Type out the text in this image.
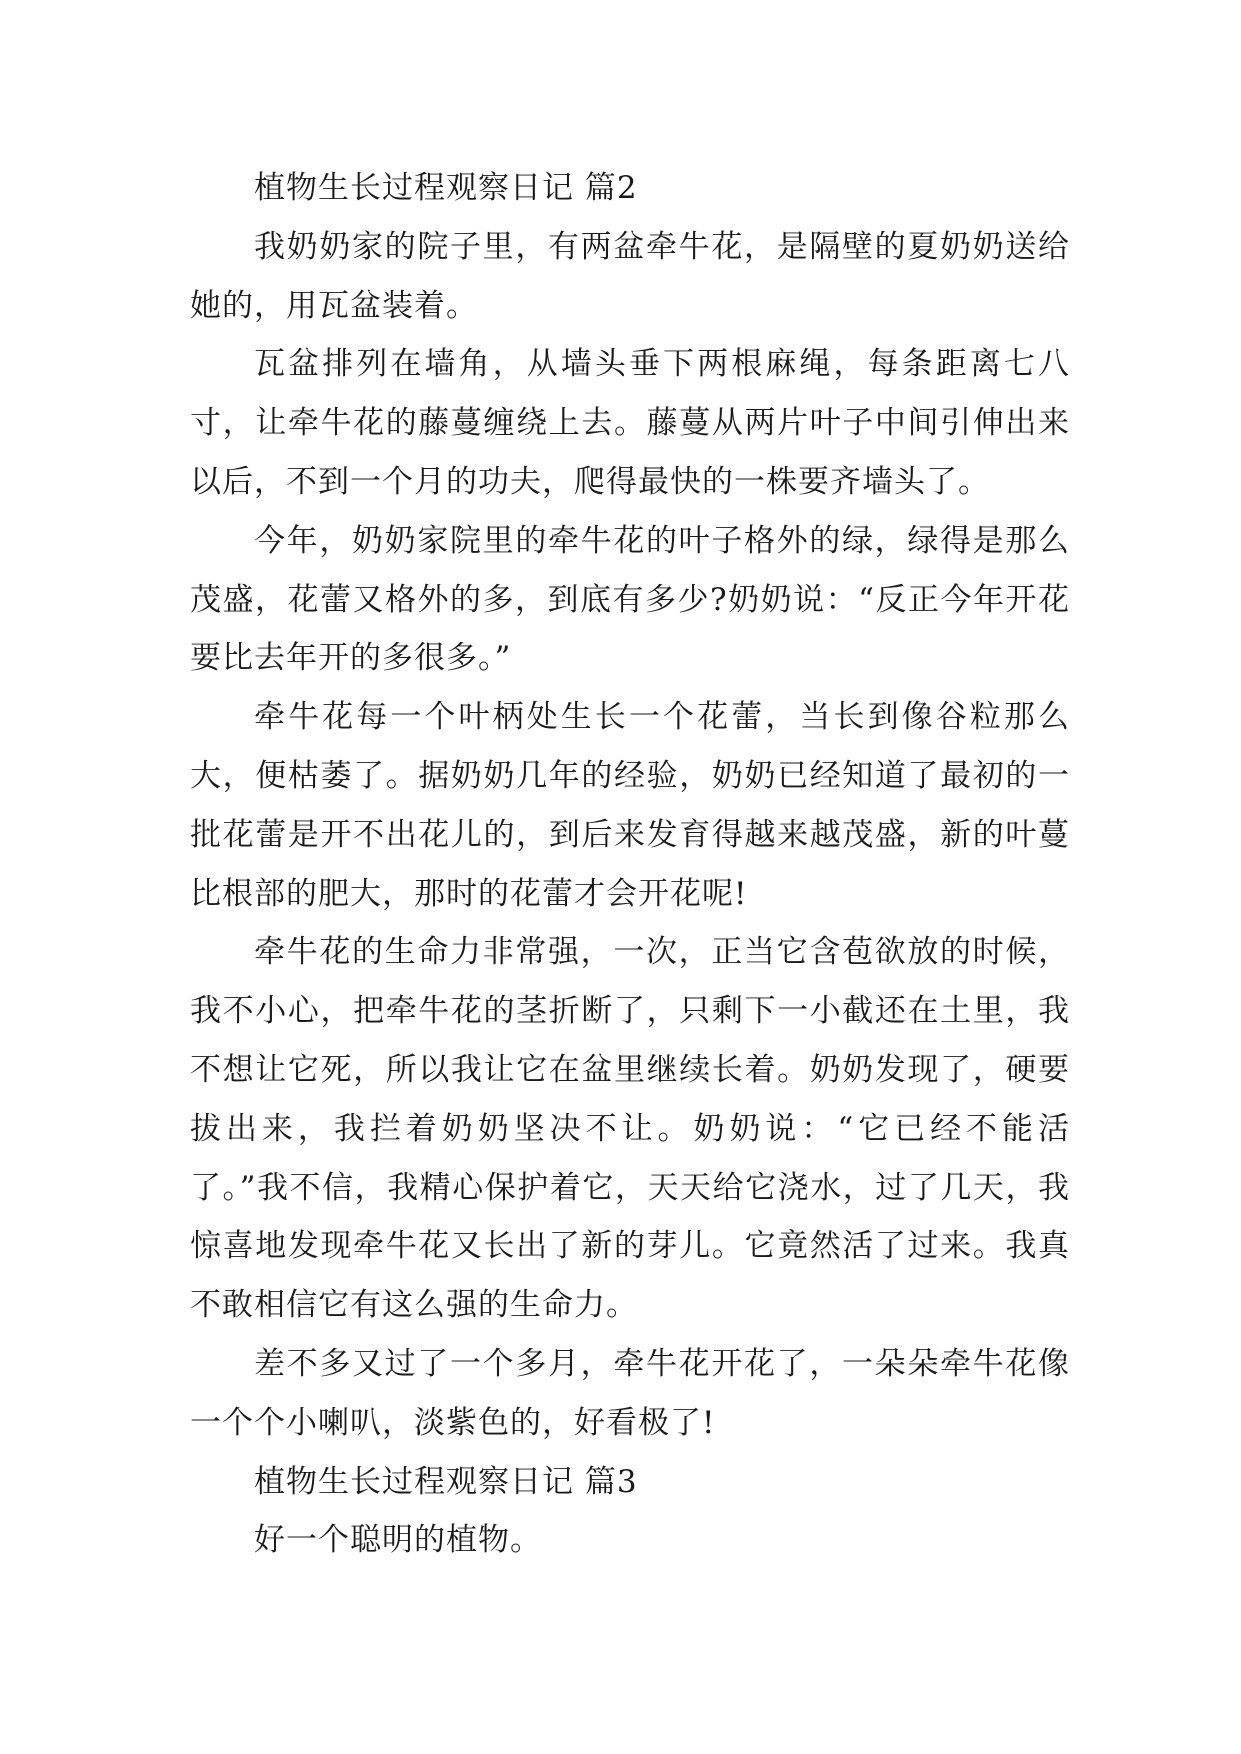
植物生长过程观察日记 篇2

我奶奶家的院子里，有两盆牵牛花，是隔壁的夏奶奶送给她的，用瓦盆装着。

瓦盆排列在墙角，从墙头垂下两根麻绳，每条距离七八寸，让牵牛花的藤蔓缠绕上去。藤蔓从两片叶子中间引伸出来以后，不到一个月的功夫，爬得最快的一株要齐墙头了。

今年，奶奶家院里的牵牛花的叶子格外的绿，绿得是那么茂盛，花蕾又格外的多，到底有多少?奶奶说：“反正今年开花要比去年开的多很多。”

牵牛花每一个叶柄处生长一个花蕾，当长到像谷粒那么大，便枯萎了。据奶奶几年的经验，奶奶已经知道了最初的一批花蕾是开不出花儿的，到后来发育得越来越茂盛，新的叶蔓比根部的肥大，那时的花蕾才会开花呢!

牵牛花的生命力非常强，一次，正当它含苞欲放的时候，我不小心，把牵牛花的茎折断了，只剩下一小截还在土里，我不想让它死，所以我让它在盆里继续长着。奶奶发现了，硬要拔出来，我拦着奶奶坚决不让。奶奶说：“它已经不能活了。”我不信，我精心保护着它，天天给它浇水，过了几天，我惊喜地发现牵牛花又长出了新的芽儿。它竟然活了过来。我真不敢相信它有这么强的生命力。

差不多又过了一个多月，牵牛花开花了，一朵朵牵牛花像一个个小喇叭，淡紫色的，好看极了!

植物生长过程观察日记 篇3

好一个聪明的植物。
